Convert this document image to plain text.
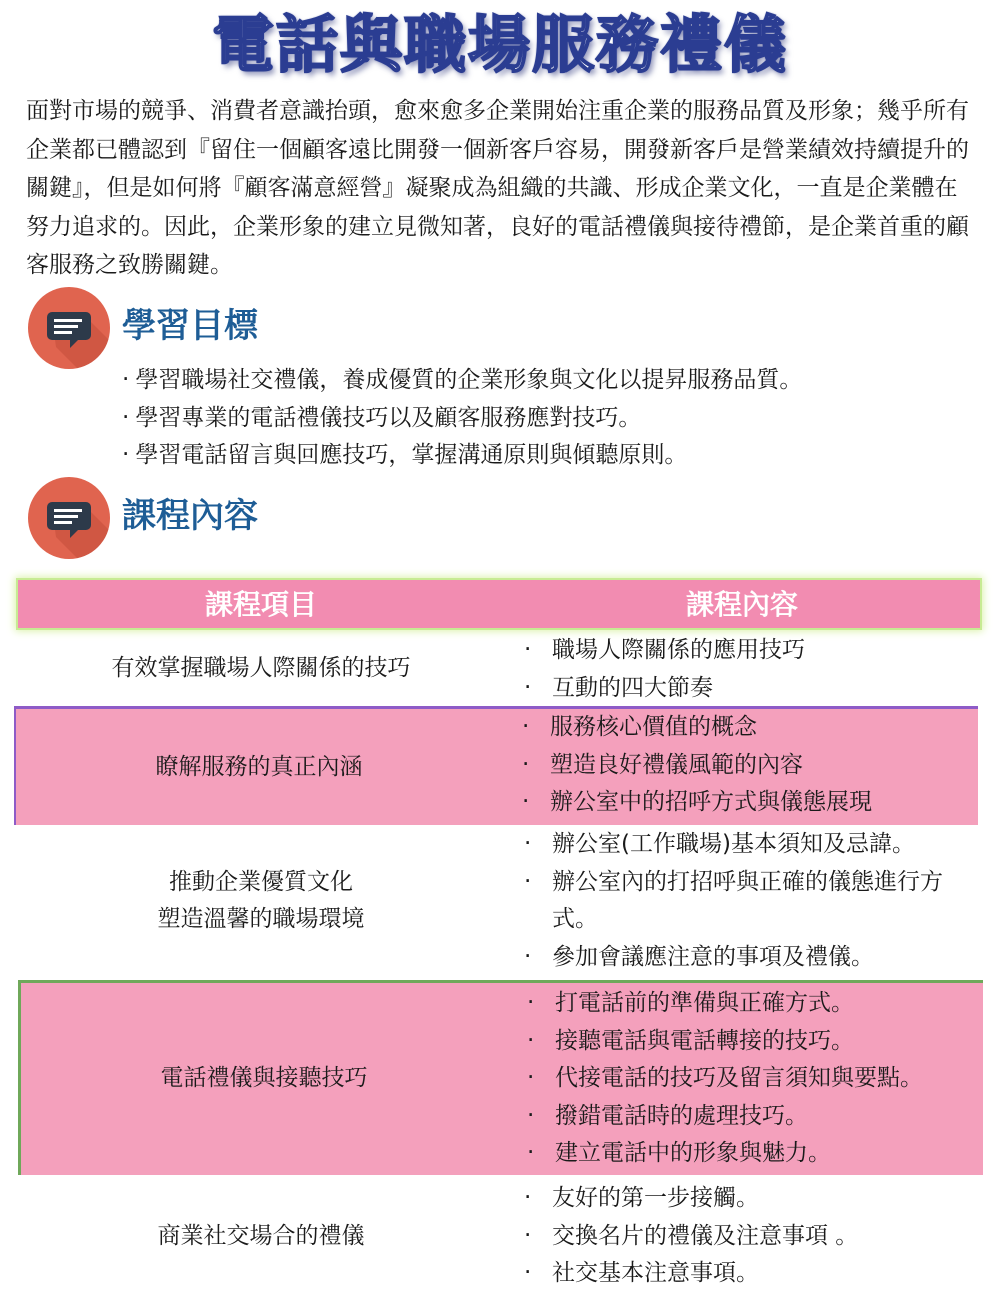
電話與職場服務禮儀

面對市場的競爭、消費者意識抬頭，愈來愈多企業開始注重企業的服務品質及形象；幾乎所有企業都已體認到『留住一個顧客遠比開發一個新客戶容易，開發新客戶是營業績效持續提升的關鍵』，但是如何將『顧客滿意經營』凝聚成為組織的共識、形成企業文化，一直是企業體在努力追求的。因此，企業形象的建立見微知著，良好的電話禮儀與接待禮節，是企業首重的顧客服務之致勝關鍵。

學習目標
‧ 學習職場社交禮儀，養成優質的企業形象與文化以提昇服務品質。
‧ 學習專業的電話禮儀技巧以及顧客服務應對技巧。
‧ 學習電話留言與回應技巧，掌握溝通原則與傾聽原則。
課程內容
課程項目	課程內容
有效掌握職場人際關係的技巧
‧ 職場人際關係的應用技巧
‧ 互動的四大節奏
瞭解服務的真正內涵
‧ 服務核心價值的概念
‧ 塑造良好禮儀風範的內容
‧ 辦公室中的招呼方式與儀態展現
推動企業優質文化
塑造溫馨的職場環境
‧ 辦公室(工作職場)基本須知及忌諱。
‧ 辦公室內的打招呼與正確的儀態進行方式。
‧ 參加會議應注意的事項及禮儀。
電話禮儀與接聽技巧
‧ 打電話前的準備與正確方式。
‧ 接聽電話與電話轉接的技巧。
‧ 代接電話的技巧及留言須知與要點。
‧ 撥錯電話時的處理技巧。
‧ 建立電話中的形象與魅力。
商業社交場合的禮儀
‧ 友好的第一步接觸。
‧ 交換名片的禮儀及注意事項 。
‧ 社交基本注意事項。
